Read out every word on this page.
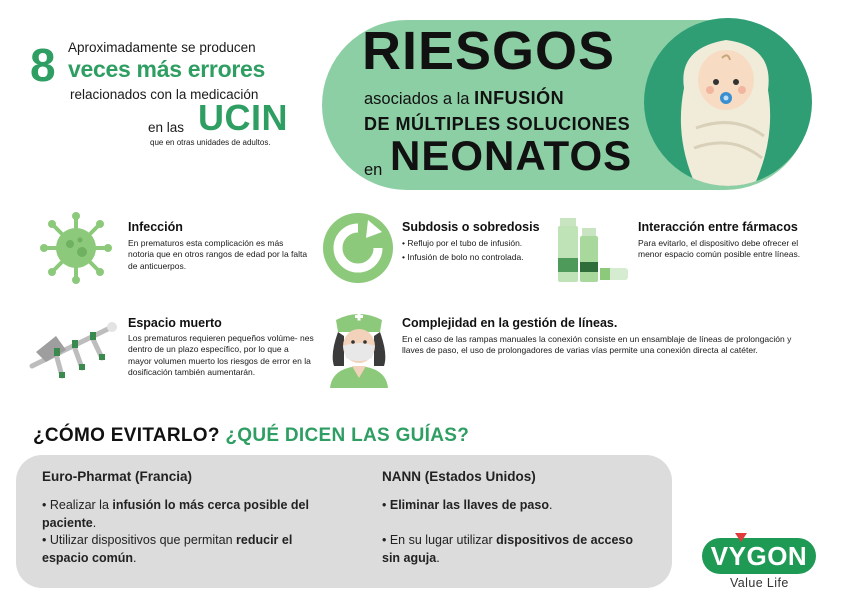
8 Aproximadamente se producen
veces más errores
relacionados con la medicación
en las UCIN
que en otras unidades de adultos.
RIESGOS
asociados a la INFUSIÓN
DE MÚLTIPLES SOLUCIONES
en NEONATOS
Infección

En prematuros esta complicación es más notoria que en otros rangos de edad por la falta de anticuerpos.

Subdosis o sobredosis

• Reflujo por el tubo de infusión.

• Infusión de bolo no controlada.

Interacción entre fármacos

Para evitarlo, el dispositivo debe ofrecer el menor espacio común posible entre líneas.

Espacio muerto

Los prematuros requieren pequeños volúme- nes dentro de un plazo específico, por lo que a mayor volumen muerto los riesgos de error en la dosificación también aumentarán.

Complejidad en la gestión de líneas.

En el caso de las rampas manuales la conexión consiste en un ensamblaje de líneas de prolongación y llaves de paso, el uso de prolongadores de varias vías permite una conexión directa al catéter.

¿CÓMO EVITARLO? ¿QUÉ DICEN LAS GUÍAS?
Euro-Pharmat (Francia)
• Realizar la infusión lo más cerca posible del paciente.
• Utilizar dispositivos que permitan reducir el espacio común.
NANN (Estados Unidos)
• Eliminar las llaves de paso.
• En su lugar utilizar dispositivos de acceso sin aguja.	VYGON
Value Life
